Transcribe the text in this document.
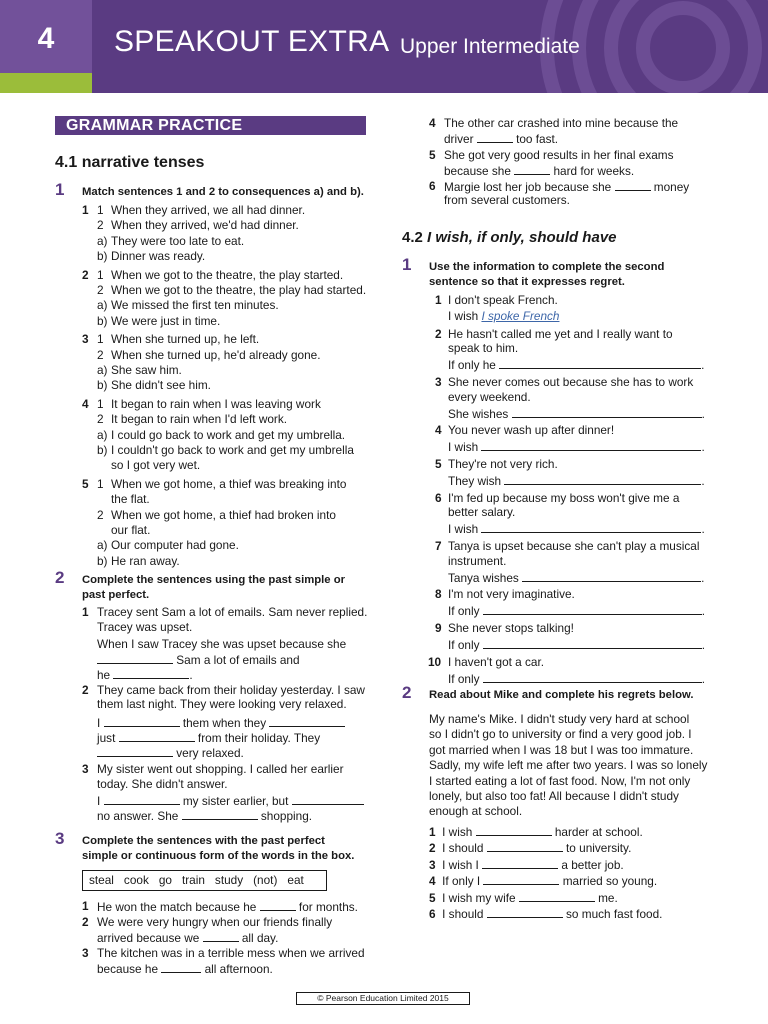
4	SPEAKOUT EXTRA Upper Intermediate
GRAMMAR PRACTICE
4.1 narrative tenses
1 Match sentences 1 and 2 to consequences a) and b).
1 1 When they arrived, we all had dinner.
2 When they arrived, we'd had dinner.
a) They were too late to eat.
b) Dinner was ready.
2 1 When we got to the theatre, the play started.
2 When we got to the theatre, the play had started.
a) We missed the first ten minutes.
b) We were just in time.
3 1 When she turned up, he left.
2 When she turned up, he'd already gone.
a) She saw him.
b) She didn't see him.
4 1 It began to rain when I was leaving work
2 It began to rain when I'd left work.
a) I could go back to work and get my umbrella.
b) I couldn't go back to work and get my umbrella
so I got very wet.
5 1 When we got home, a thief was breaking into
the flat.
2 When we got home, a thief had broken into
our flat.
a) Our computer had gone.
b) He ran away.
2 Complete the sentences using the past simple or
past perfect.
1 Tracey sent Sam a lot of emails. Sam never replied.
Tracey was upset.
When I saw Tracey she was upset because she
Sam a lot of emails and
he	.
2 They came back from their holiday yesterday. I saw
them last night. They were looking very relaxed.
I	them when they
just	from their holiday. They
very relaxed.
3 My sister went out shopping. I called her earlier
today. She didn't answer.
I	my sister earlier, but
no answer. She	shopping.
3 Complete the sentences with the past perfect
simple or continuous form of the words in the box.
steal cook go train study (not) eat
1 He won the match because he	for months.
2 We were very hungry when our friends finally
arrived because we	all day.
3 The kitchen was in a terrible mess when we arrived
because he	all afternoon.
4 The other car crashed into mine because the
driver	too fast.
5 She got very good results in her final exams
because she	hard for weeks.
6 Margie lost her job because she	money
from several customers.
4.2 I wish, if only, should have
1 Use the information to complete the second
sentence so that it expresses regret.
1 I don't speak French.
I wish I spoke French
2 He hasn't called me yet and I really want to
speak to him.
If only he	.
3 She never comes out because she has to work
every weekend.
She wishes	.
4 You never wash up after dinner!
I wish	.
5 They're not very rich.
They wish	.
6 I'm fed up because my boss won't give me a
better salary.
I wish	.
7 Tanya is upset because she can't play a musical
instrument.
Tanya wishes	.
8 I'm not very imaginative.
If only	.
9 She never stops talking!
If only	.
10 I haven't got a car.
If only	.
2 Read about Mike and complete his regrets below.
My name's Mike. I didn't study very hard at school
so I didn't go to university or find a very good job. I
got married when I was 18 but I was too immature.
Sadly, my wife left me after two years. I was so lonely
I started eating a lot of fast food. Now, I'm not only
lonely, but also too fat! All because I didn't study
enough at school.
1 I wish	harder at school.
2 I should	to university.
3 I wish I	a better job.
4 If only I	married so young.
5 I wish my wife	me.
6 I should	so much fast food.
© Pearson Education Limited 2015
